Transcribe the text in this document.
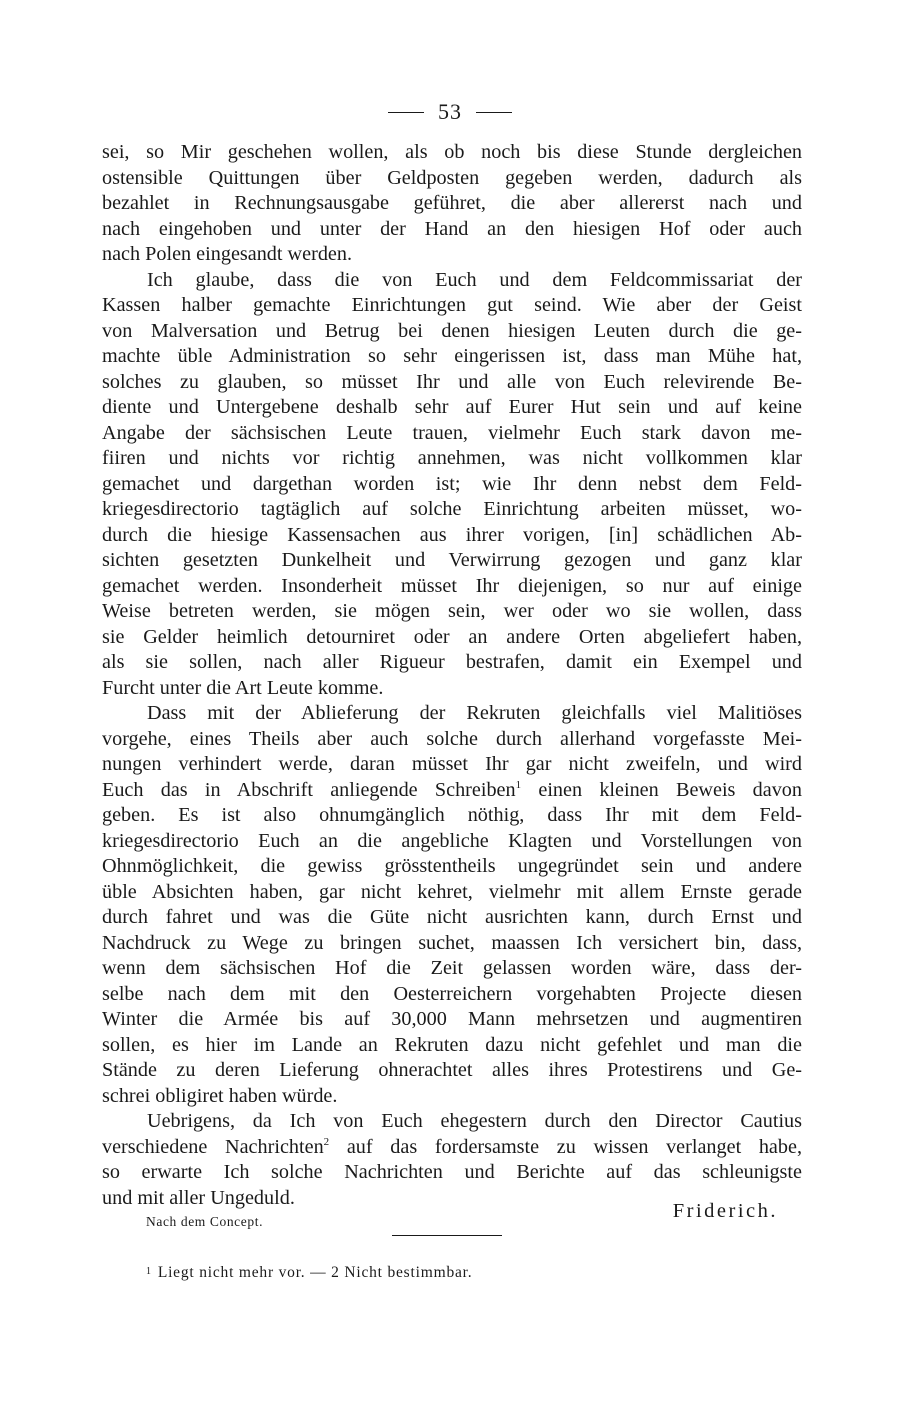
53
sei, so Mir geschehen wollen, als ob noch bis diese Stunde dergleichen
ostensible Quittungen über Geldposten gegeben werden, dadurch als
bezahlet in Rechnungsausgabe geführet, die aber allererst nach und
nach eingehoben und unter der Hand an den hiesigen Hof oder auch
nach Polen eingesandt werden.
Ich glaube, dass die von Euch und dem Feldcommissariat der
Kassen halber gemachte Einrichtungen gut seind. Wie aber der Geist
von Malversation und Betrug bei denen hiesigen Leuten durch die ge-
machte üble Administration so sehr eingerissen ist, dass man Mühe hat,
solches zu glauben, so müsset Ihr und alle von Euch relevirende Be-
diente und Untergebene deshalb sehr auf Eurer Hut sein und auf keine
Angabe der sächsischen Leute trauen, vielmehr Euch stark davon me-
fiiren und nichts vor richtig annehmen, was nicht vollkommen klar
gemachet und dargethan worden ist; wie Ihr denn nebst dem Feld-
kriegesdirectorio tagtäglich auf solche Einrichtung arbeiten müsset, wo-
durch die hiesige Kassensachen aus ihrer vorigen, [in] schädlichen Ab-
sichten gesetzten Dunkelheit und Verwirrung gezogen und ganz klar
gemachet werden. Insonderheit müsset Ihr diejenigen, so nur auf einige
Weise betreten werden, sie mögen sein, wer oder wo sie wollen, dass
sie Gelder heimlich detourniret oder an andere Orten abgeliefert haben,
als sie sollen, nach aller Rigueur bestrafen, damit ein Exempel und
Furcht unter die Art Leute komme.
Dass mit der Ablieferung der Rekruten gleichfalls viel Malitiöses
vorgehe, eines Theils aber auch solche durch allerhand vorgefasste Mei-
nungen verhindert werde, daran müsset Ihr gar nicht zweifeln, und wird
Euch das in Abschrift anliegende Schreiben$^1$ einen kleinen Beweis davon
geben. Es ist also ohnumgänglich nöthig, dass Ihr mit dem Feld-
kriegesdirectorio Euch an die angebliche Klagten und Vorstellungen von
Ohnmöglichkeit, die gewiss grösstentheils ungegründet sein und andere
üble Absichten haben, gar nicht kehret, vielmehr mit allem Ernste gerade
durch fahret und was die Güte nicht ausrichten kann, durch Ernst und
Nachdruck zu Wege zu bringen suchet, maassen Ich versichert bin, dass,
wenn dem sächsischen Hof die Zeit gelassen worden wäre, dass der-
selbe nach dem mit den Oesterreichern vorgehabten Projecte diesen
Winter die Armée bis auf 30,000 Mann mehrsetzen und augmentiren
sollen, es hier im Lande an Rekruten dazu nicht gefehlet und man die
Stände zu deren Lieferung ohnerachtet alles ihres Protestirens und Ge-
schrei obligiret haben würde.
Uebrigens, da Ich von Euch ehegestern durch den Director Cautius
verschiedene Nachrichten$^2$ auf das fordersamste zu wissen verlanget habe,
so erwarte Ich solche Nachrichten und Berichte auf das schleunigste
und mit aller Ungeduld.
Nach dem Concept.
1 Liegt nicht mehr vor. — 2 Nicht bestimmbar.
Friderich.
